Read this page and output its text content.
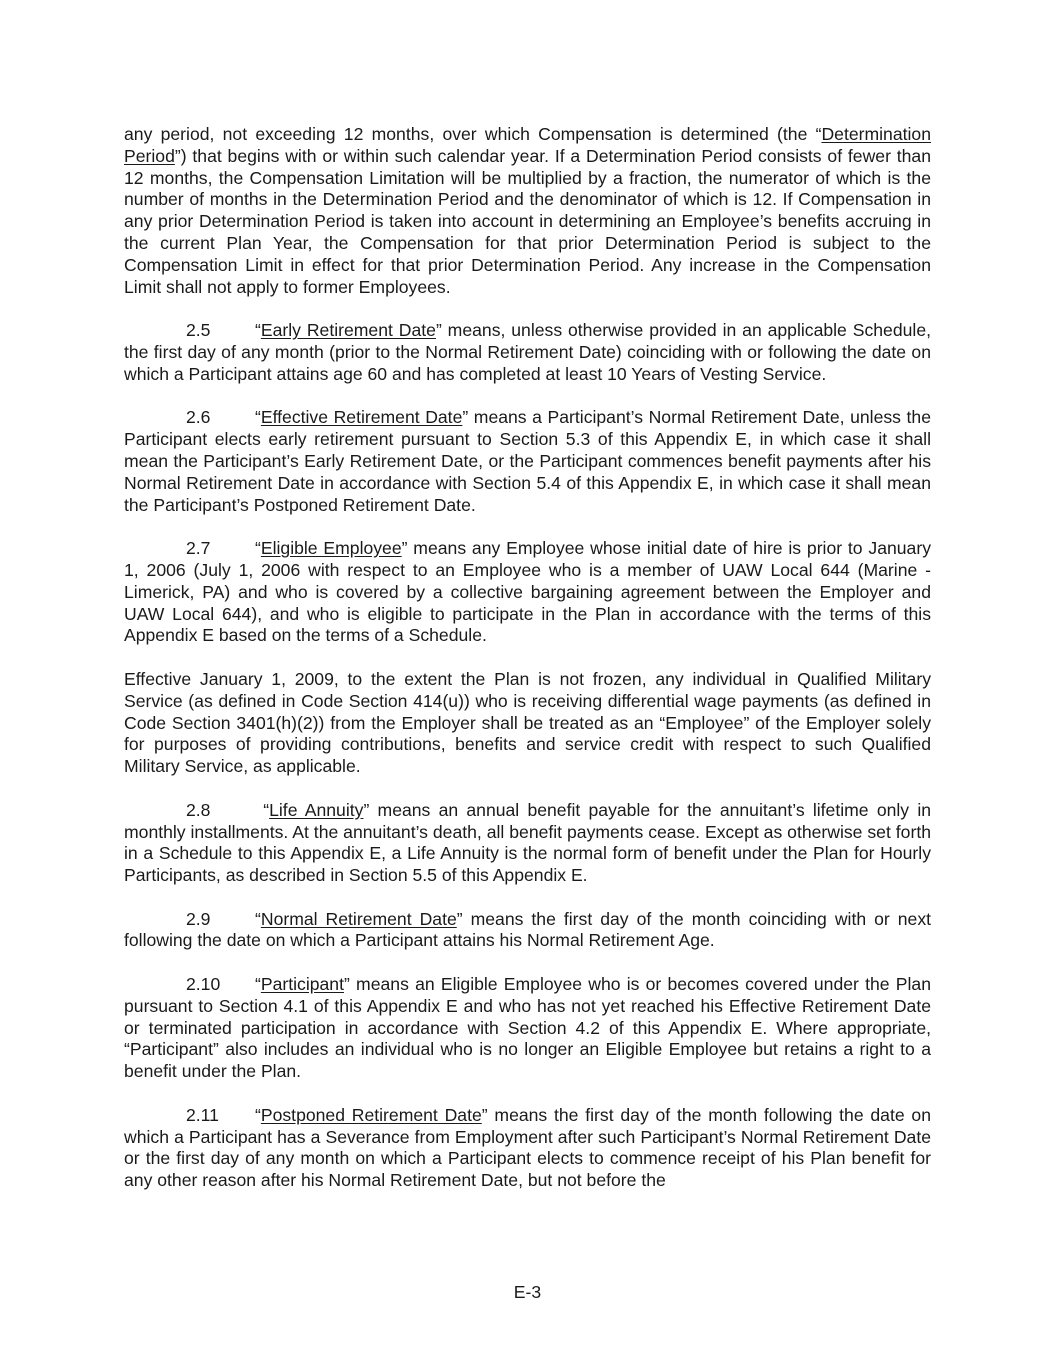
any period, not exceeding 12 months, over which Compensation is determined (the “Determination Period”) that begins with or within such calendar year. If a Determination Period consists of fewer than 12 months, the Compensation Limitation will be multiplied by a fraction, the numerator of which is the number of months in the Determination Period and the denominator of which is 12. If Compensation in any prior Determination Period is taken into account in determining an Employee’s benefits accruing in the current Plan Year, the Compensation for that prior Determination Period is subject to the Compensation Limit in effect for that prior Determination Period. Any increase in the Compensation Limit shall not apply to former Employees.

2.5	“Early Retirement Date” means, unless otherwise provided in an applicable Schedule, the first day of any month (prior to the Normal Retirement Date) coinciding with or following the date on which a Participant attains age 60 and has completed at least 10 Years of Vesting Service.

2.6	“Effective Retirement Date” means a Participant’s Normal Retirement Date, unless the Participant elects early retirement pursuant to Section 5.3 of this Appendix E, in which case it shall mean the Participant’s Early Retirement Date, or the Participant commences benefit payments after his Normal Retirement Date in accordance with Section 5.4 of this Appendix E, in which case it shall mean the Participant’s Postponed Retirement Date.

2.7	“Eligible Employee” means any Employee whose initial date of hire is prior to January 1, 2006 (July 1, 2006 with respect to an Employee who is a member of UAW Local 644 (Marine - Limerick, PA) and who is covered by a collective bargaining agreement between the Employer and UAW Local 644), and who is eligible to participate in the Plan in accordance with the terms of this Appendix E based on the terms of a Schedule.

Effective January 1, 2009, to the extent the Plan is not frozen, any individual in Qualified Military Service (as defined in Code Section 414(u)) who is receiving differential wage payments (as defined in Code Section 3401(h)(2)) from the Employer shall be treated as an “Employee” of the Employer solely for purposes of providing contributions, benefits and service credit with respect to such Qualified Military Service, as applicable.

2.8	“Life Annuity” means an annual benefit payable for the annuitant’s lifetime only in monthly installments. At the annuitant’s death, all benefit payments cease. Except as otherwise set forth in a Schedule to this Appendix E, a Life Annuity is the normal form of benefit under the Plan for Hourly Participants, as described in Section 5.5 of this Appendix E.

2.9	“Normal Retirement Date” means the first day of the month coinciding with or next following the date on which a Participant attains his Normal Retirement Age.

2.10 “Participant” means an Eligible Employee who is or becomes covered under the Plan pursuant to Section 4.1 of this Appendix E and who has not yet reached his Effective Retirement Date or terminated participation in accordance with Section 4.2 of this Appendix E. Where appropriate, “Participant” also includes an individual who is no longer an Eligible Employee but retains a right to a benefit under the Plan.

2.11 “Postponed Retirement Date” means the first day of the month following the date on which a Participant has a Severance from Employment after such Participant’s Normal Retirement Date or the first day of any month on which a Participant elects to commence receipt of his Plan benefit for any other reason after his Normal Retirement Date, but not before the

E-3
